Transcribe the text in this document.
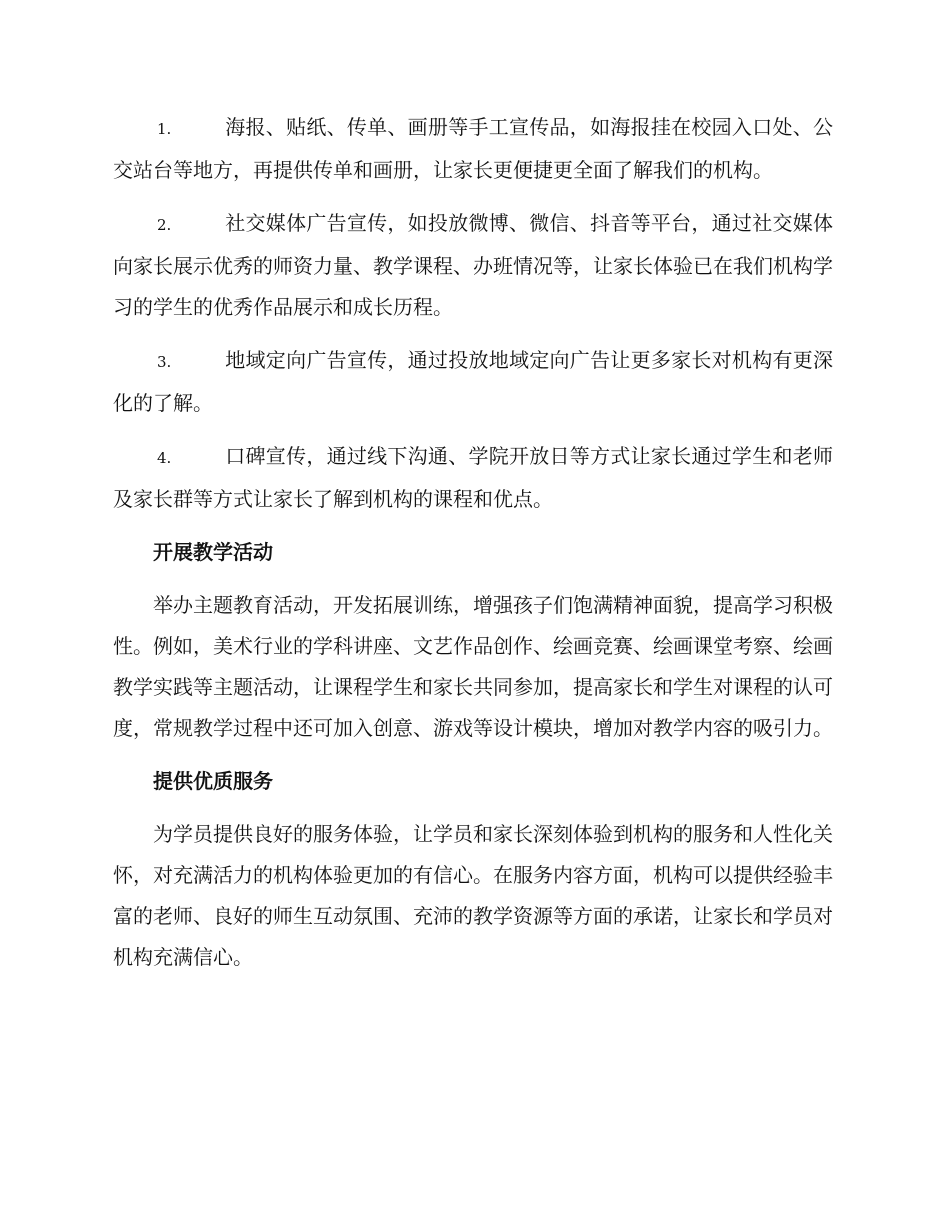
1.	海报、贴纸、传单、画册等手工宣传品，如海报挂在校园入口处、公交站台等地方，再提供传单和画册，让家长更便捷更全面了解我们的机构。

2.	社交媒体广告宣传，如投放微博、微信、抖音等平台，通过社交媒体向家长展示优秀的师资力量、教学课程、办班情况等，让家长体验已在我们机构学习的学生的优秀作品展示和成长历程。

3.	地域定向广告宣传，通过投放地域定向广告让更多家长对机构有更深化的了解。

4.	口碑宣传，通过线下沟通、学院开放日等方式让家长通过学生和老师及家长群等方式让家长了解到机构的课程和优点。

开展教学活动

举办主题教育活动，开发拓展训练，增强孩子们饱满精神面貌，提高学习积极性。例如，美术行业的学科讲座、文艺作品创作、绘画竞赛、绘画课堂考察、绘画教学实践等主题活动，让课程学生和家长共同参加，提高家长和学生对课程的认可度，常规教学过程中还可加入创意、游戏等设计模块，增加对教学内容的吸引力。

提供优质服务

为学员提供良好的服务体验，让学员和家长深刻体验到机构的服务和人性化关怀，对充满活力的机构体验更加的有信心。在服务内容方面，机构可以提供经验丰富的老师、良好的师生互动氛围、充沛的教学资源等方面的承诺，让家长和学员对机构充满信心。
